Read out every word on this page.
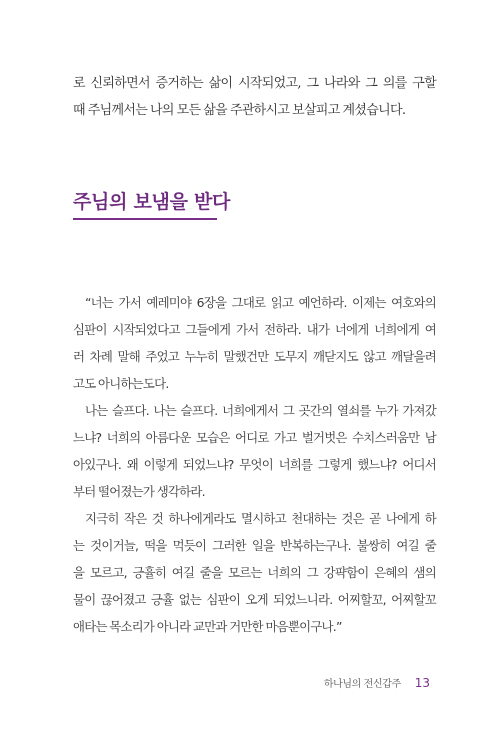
로 신뢰하면서 증거하는 삶이 시작되었고, 그 나라와 그 의를 구할

때 주님께서는 나의 모든 삶을 주관하시고 보살피고 계셨습니다.

주님의 보냄을 받다
“너는 가서 예레미야 6장을 그대로 읽고 예언하라. 이제는 여호와의
심판이 시작되었다고 그들에게 가서 전하라. 내가 너에게 너희에게 여
러 차례 말해 주었고 누누히 말했건만 도무지 깨닫지도 않고 깨달을려
고도 아니하는도다.
나는 슬프다. 나는 슬프다. 너희에게서 그 곳간의 열쇠를 누가 가져갔
느냐? 너희의 아름다운 모습은 어디로 가고 벌거벗은 수치스러움만 남
아있구나. 왜 이렇게 되었느냐? 무엇이 너희를 그렇게 했느냐? 어디서
부터 떨어졌는가 생각하라.
지극히 작은 것 하나에게라도 멸시하고 천대하는 것은 곧 나에게 하
는 것이거늘, 떡을 먹듯이 그러한 일을 반복하는구나. 불쌍히 여길 줄
을 모르고, 긍휼히 여길 줄을 모르는 너희의 그 강퍅함이 은혜의 샘의
물이 끊어졌고 긍휼 없는 심판이 오게 되었느니라. 어찌할꼬, 어찌할꼬
애타는 목소리가 아니라 교만과 거만한 마음뿐이구나.”
하나님의 전신갑주 13
